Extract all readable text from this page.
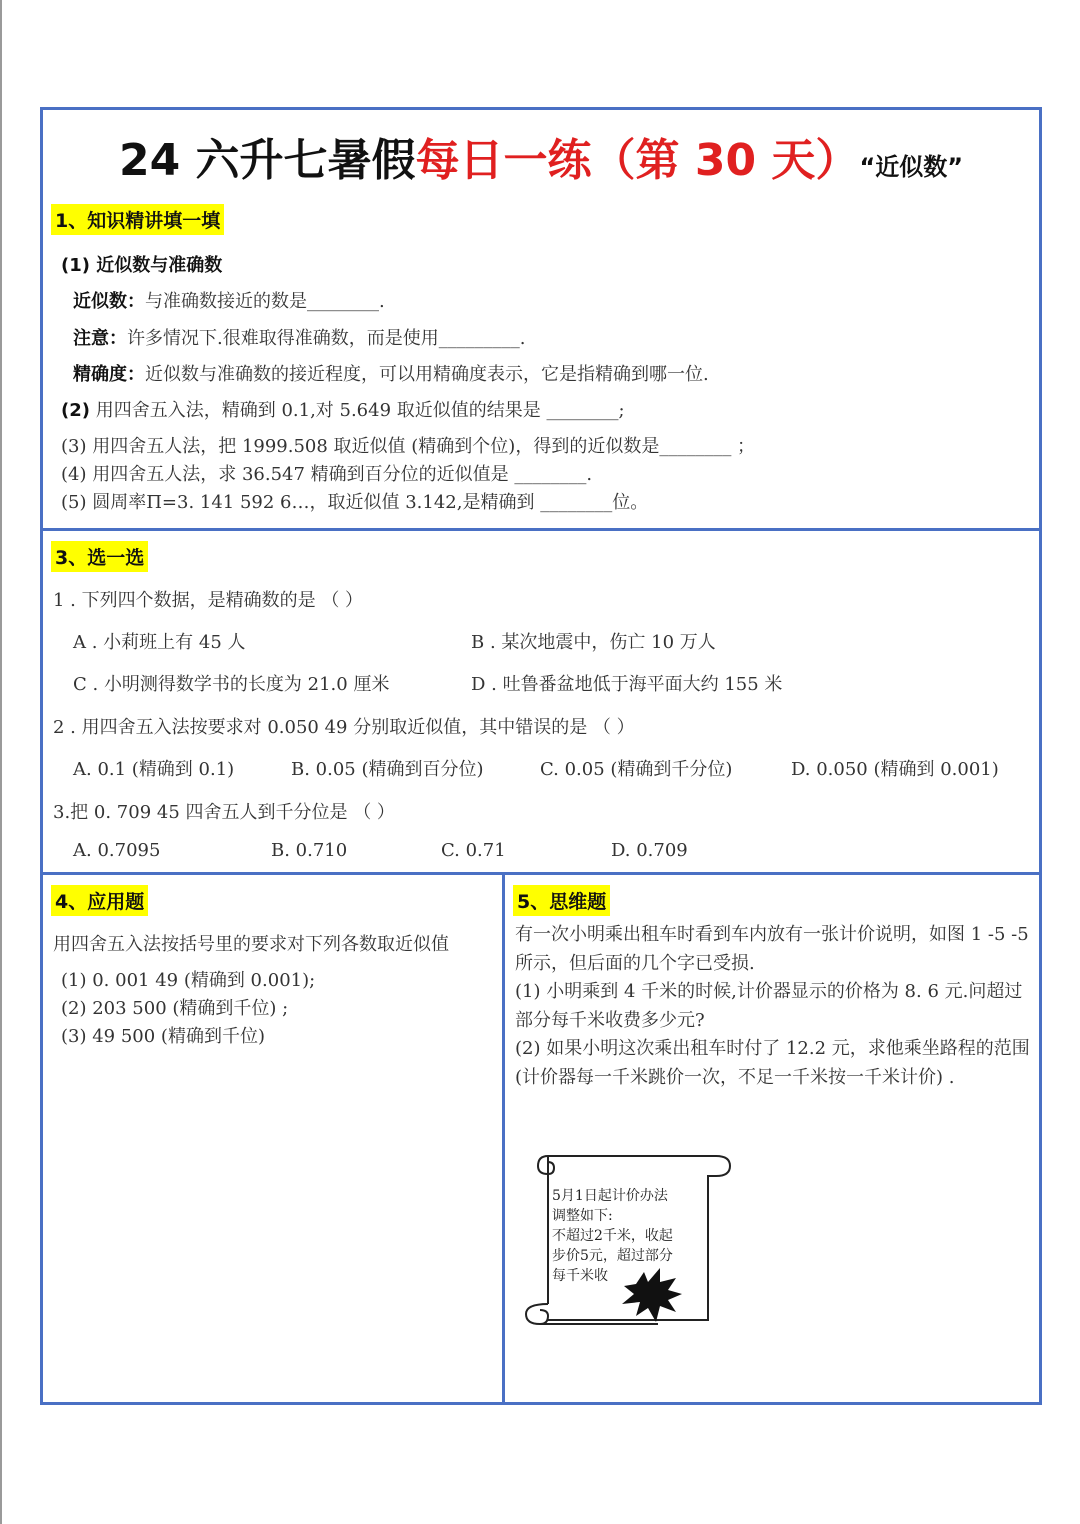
24 六升七暑假每日一练（第 30 天）“近似数”
1、知识精讲填一填
(1) 近似数与准确数
近似数：与准确数接近的数是________.
注意：许多情况下.很难取得准确数，而是使用_________.
精确度：近似数与准确数的接近程度，可以用精确度表示，它是指精确到哪一位.
(2) 用四舍五入法，精确到 0.1,对 5.649 取近似值的结果是 ________;
(3) 用四舍五人法，把 1999.508 取近似值 (精确到个位)，得到的近似数是________ ；
(4) 用四舍五人法，求 36.547 精确到百分位的近似值是 ________.
(5) 圆周率Π=3. 141 592 6…，取近似值 3.142,是精确到 ________位。
3、选一选
1 . 下列四个数据，是精确数的是 （ ）
A . 小莉班上有 45 人	B . 某次地震中，伤亡 10 万人
C . 小明测得数学书的长度为 21.0 厘米	D . 吐鲁番盆地低于海平面大约 155 米
2 . 用四舍五入法按要求对 0.050 49 分别取近似值，其中错误的是 （ ）
A. 0.1 (精确到 0.1)	B. 0.05 (精确到百分位)	C. 0.05 (精确到千分位)	D. 0.050 (精确到 0.001)
3.把 0. 709 45 四舍五人到千分位是 （ ）
A. 0.7095	B. 0.710	C. 0.71	D. 0.709
4、应用题
用四舍五入法按括号里的要求对下列各数取近似值
(1) 0. 001 49 (精确到 0.001);
(2) 203 500 (精确到千位) ;
(3) 49 500 (精确到千位)
5、思维题
有一次小明乘出租车时看到车内放有一张计价说明，如图 1 -5 -5 所示，但后面的几个字已受损.
(1) 小明乘到 4 千米的时候,计价器显示的价格为 8. 6 元.问超过部分每千米收费多少元?
(2) 如果小明这次乘出租车时付了 12.2 元，求他乘坐路程的范围 (计价器每一千米跳价一次，不足一千米按一千米计价) .
5月1日起计价办法
调整如下:
不超过2千米，收起
步价5元，超过部分
每千米收
